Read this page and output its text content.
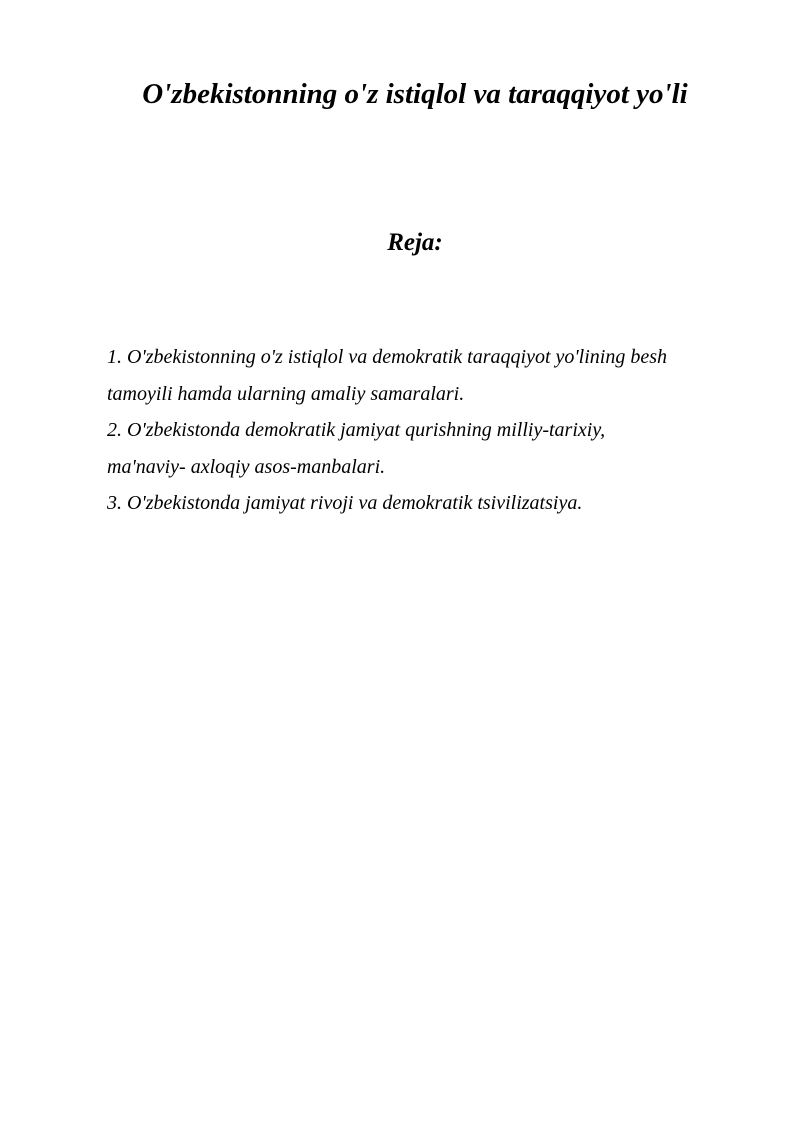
O'zbekistonning o'z istiqlol va taraqqiyot yo'li
Reja:
1. O'zbekistonning o'z istiqlol va demokratik taraqqiyot yo'lining besh
tamoyili hamda ularning amaliy samaralari.
2. O'zbekistonda demokratik jamiyat qurishning milliy-tarixiy,
ma'naviy- axloqiy asos-manbalari.
3. O'zbekistonda jamiyat rivoji va demokratik tsivilizatsiya.
